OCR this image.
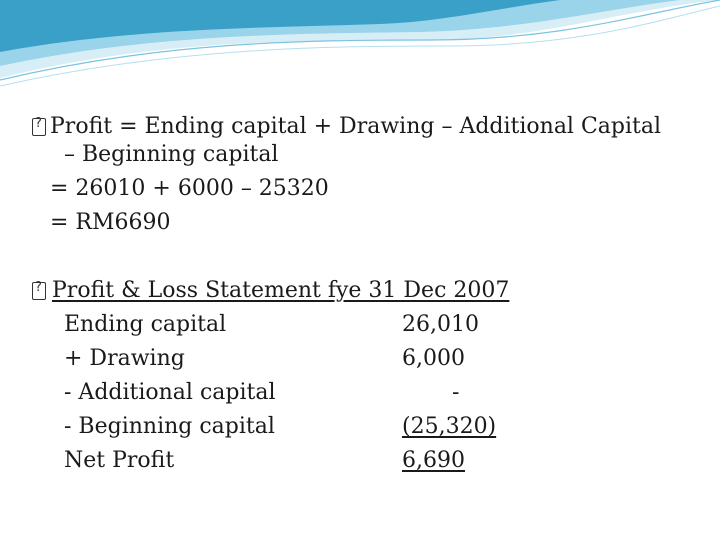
?
Profit = Ending capital + Drawing – Additional Capital
– Beginning capital
= 26010 + 6000 – 25320
= RM6690
?
Profit & Loss Statement fye 31 Dec 2007
Ending capital	26,010
+ Drawing	6,000
- Additional capital	-
- Beginning capital	(25,320)
Net Profit	6,690
